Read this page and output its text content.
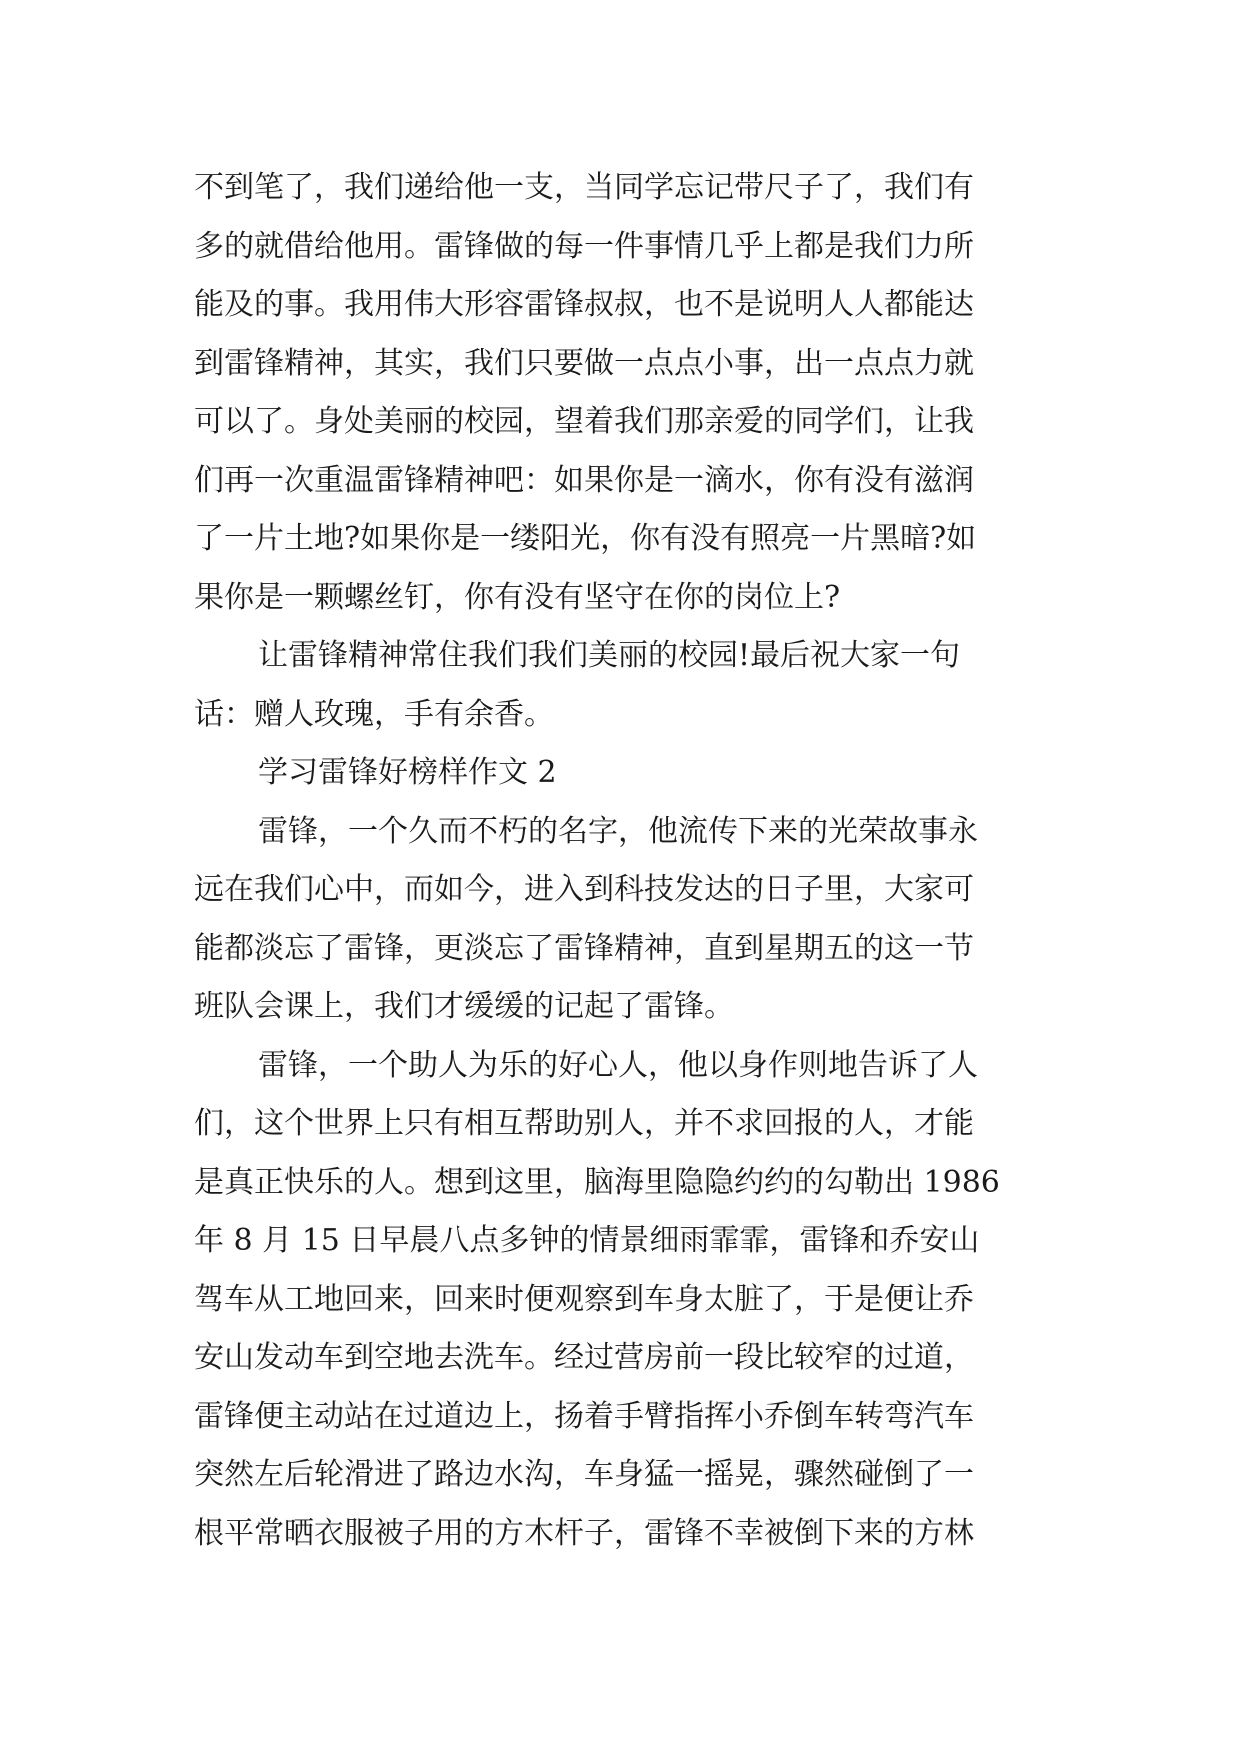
不到笔了，我们递给他一支，当同学忘记带尺子了，我们有
多的就借给他用。雷锋做的每一件事情几乎上都是我们力所
能及的事。我用伟大形容雷锋叔叔，也不是说明人人都能达
到雷锋精神，其实，我们只要做一点点小事，出一点点力就
可以了。身处美丽的校园，望着我们那亲爱的同学们，让我
们再一次重温雷锋精神吧：如果你是一滴水，你有没有滋润
了一片土地?如果你是一缕阳光，你有没有照亮一片黑暗?如
果你是一颗螺丝钉，你有没有坚守在你的岗位上?
让雷锋精神常住我们我们美丽的校园!最后祝大家一句
话：赠人玫瑰，手有余香。
学习雷锋好榜样作文 2
雷锋，一个久而不朽的名字，他流传下来的光荣故事永
远在我们心中，而如今，进入到科技发达的日子里，大家可
能都淡忘了雷锋，更淡忘了雷锋精神，直到星期五的这一节
班队会课上，我们才缓缓的记起了雷锋。
雷锋，一个助人为乐的好心人，他以身作则地告诉了人
们，这个世界上只有相互帮助别人，并不求回报的人，才能
是真正快乐的人。想到这里，脑海里隐隐约约的勾勒出 1986
年 8 月 15 日早晨八点多钟的情景细雨霏霏，雷锋和乔安山
驾车从工地回来，回来时便观察到车身太脏了，于是便让乔
安山发动车到空地去洗车。经过营房前一段比较窄的过道，
雷锋便主动站在过道边上，扬着手臂指挥小乔倒车转弯汽车
突然左后轮滑进了路边水沟，车身猛一摇晃，骤然碰倒了一
根平常晒衣服被子用的方木杆子，雷锋不幸被倒下来的方林
